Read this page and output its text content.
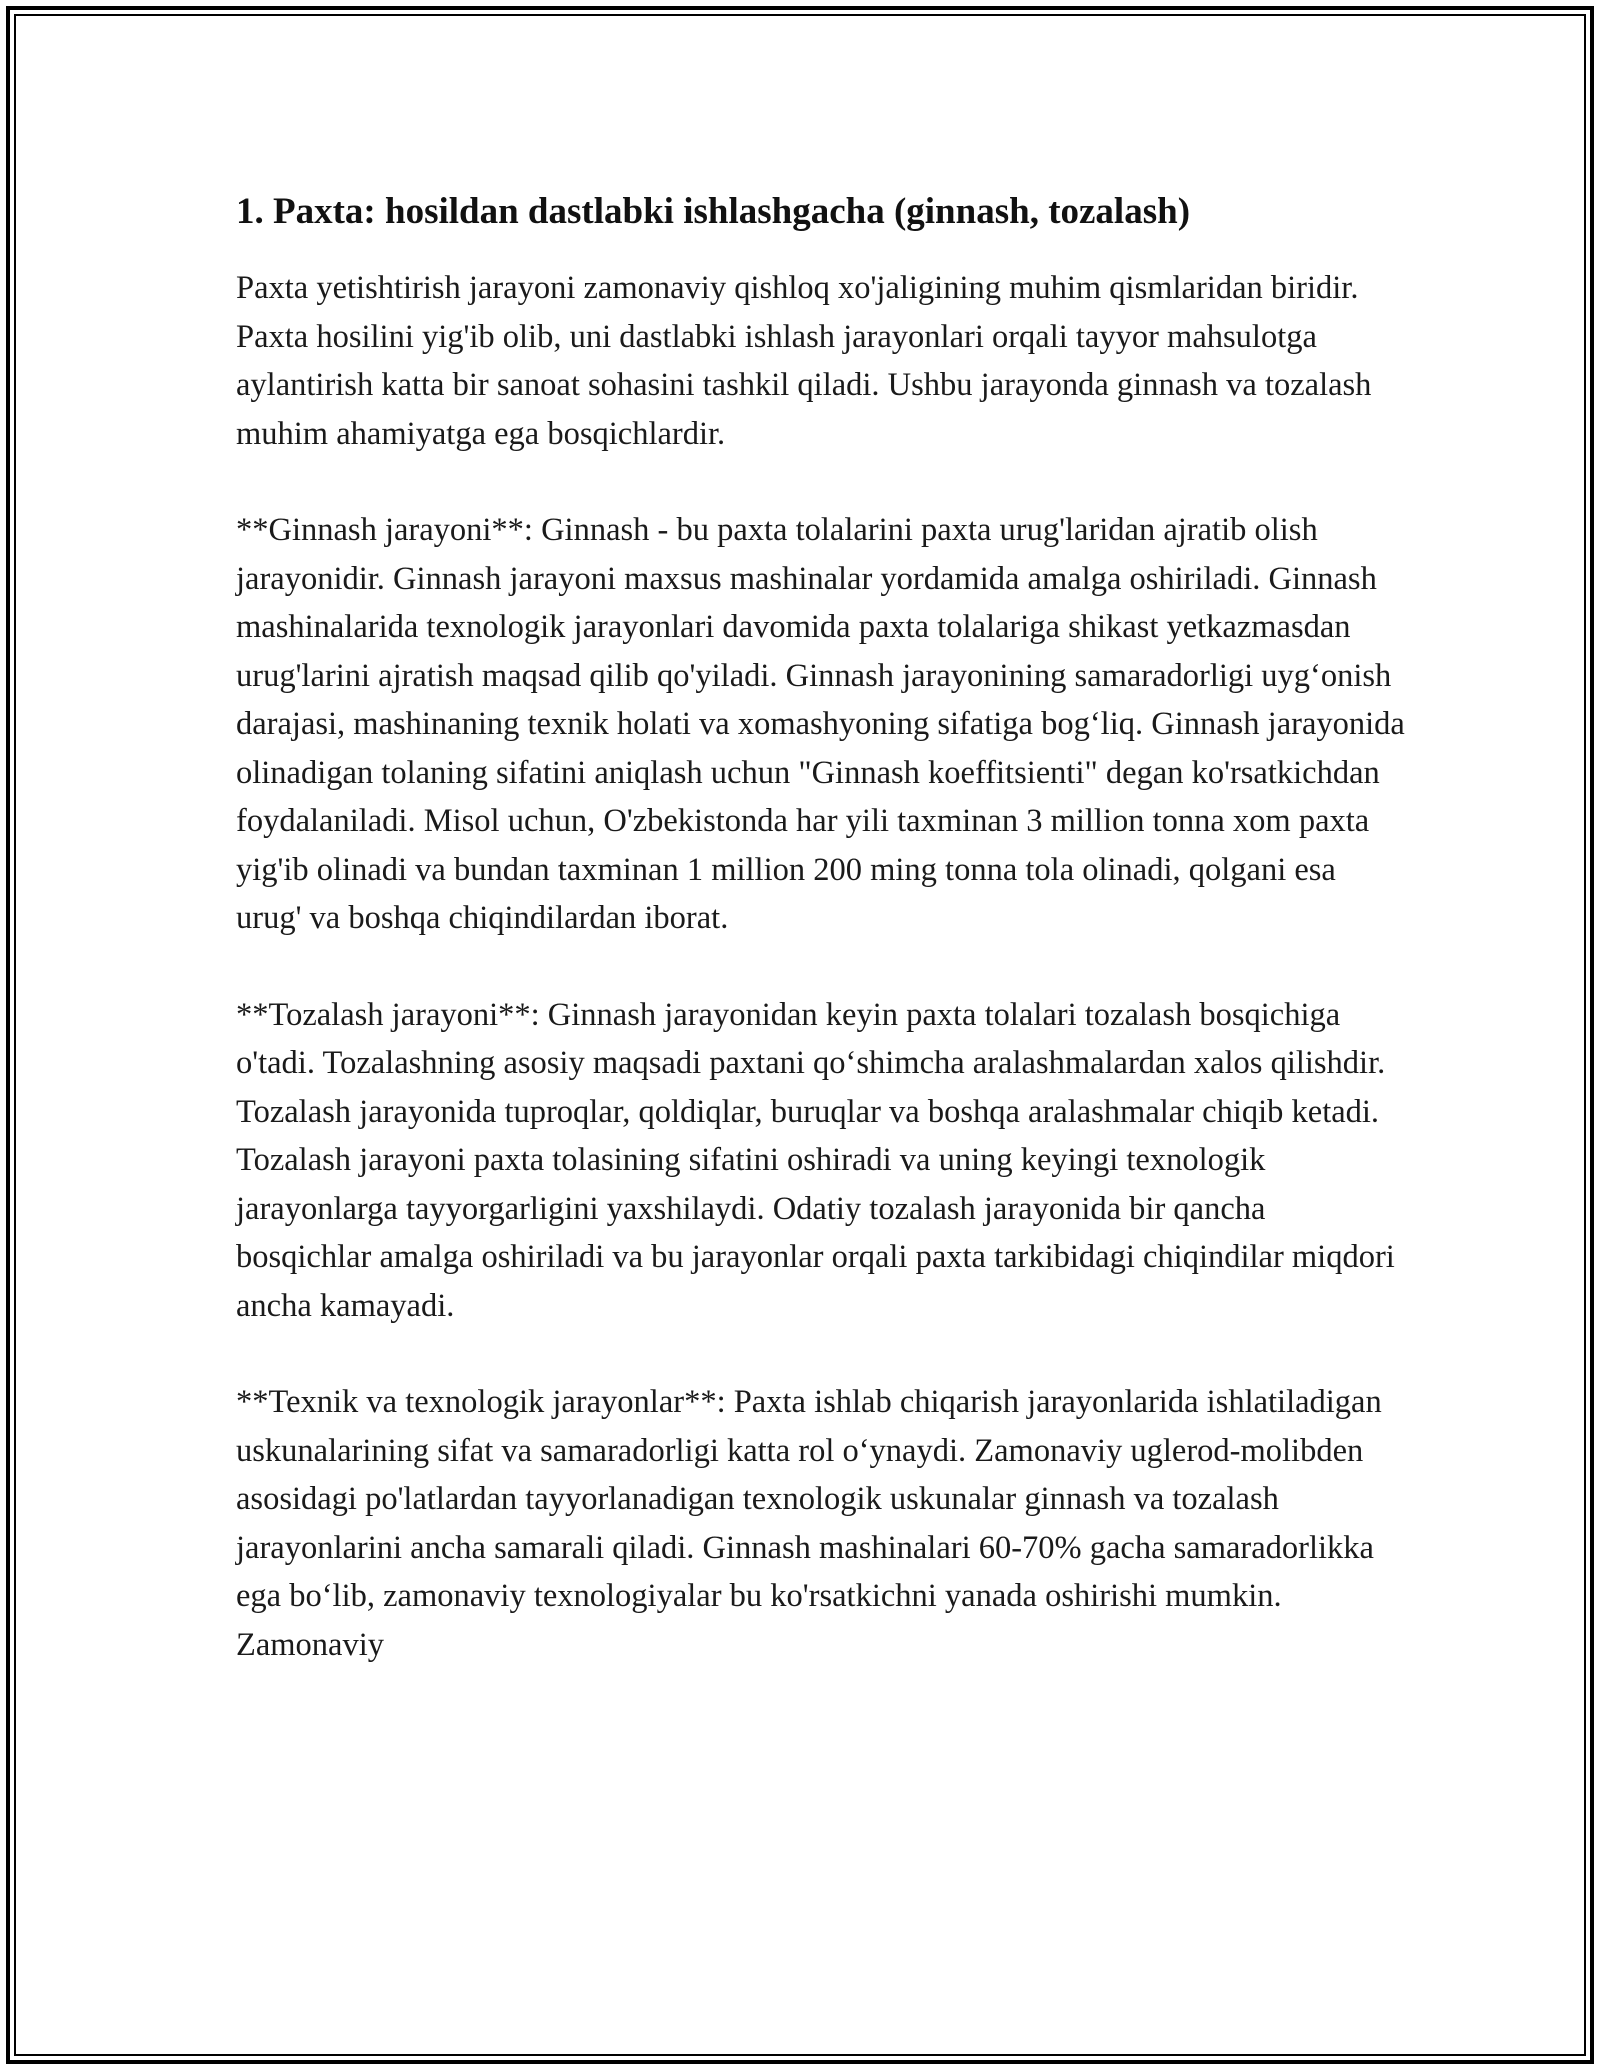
1. Paxta: hosildan dastlabki ishlashgacha (ginnash, tozalash)

Paxta yetishtirish jarayoni zamonaviy qishloq xo'jaligining muhim qismlaridan biridir. Paxta hosilini yig'ib olib, uni dastlabki ishlash jarayonlari orqali tayyor mahsulotga aylantirish katta bir sanoat sohasini tashkil qiladi. Ushbu jarayonda ginnash va tozalash muhim ahamiyatga ega bosqichlardir.

**Ginnash jarayoni**: Ginnash - bu paxta tolalarini paxta urug'laridan ajratib olish jarayonidir. Ginnash jarayoni maxsus mashinalar yordamida amalga oshiriladi. Ginnash mashinalarida texnologik jarayonlari davomida paxta tolalariga shikast yetkazmasdan urug'larini ajratish maqsad qilib qo'yiladi. Ginnash jarayonining samaradorligi uyg‘onish darajasi, mashinaning texnik holati va xomashyoning sifatiga bog‘liq. Ginnash jarayonida olinadigan tolaning sifatini aniqlash uchun "Ginnash koeffitsienti" degan ko'rsatkichdan foydalaniladi. Misol uchun, O'zbekistonda har yili taxminan 3 million tonna xom paxta yig'ib olinadi va bundan taxminan 1 million 200 ming tonna tola olinadi, qolgani esa urug' va boshqa chiqindilardan iborat.

**Tozalash jarayoni**: Ginnash jarayonidan keyin paxta tolalari tozalash bosqichiga o'tadi. Tozalashning asosiy maqsadi paxtani qo‘shimcha aralashmalardan xalos qilishdir. Tozalash jarayonida tuproqlar, qoldiqlar, buruqlar va boshqa aralashmalar chiqib ketadi. Tozalash jarayoni paxta tolasining sifatini oshiradi va uning keyingi texnologik jarayonlarga tayyorgarligini yaxshilaydi. Odatiy tozalash jarayonida bir qancha bosqichlar amalga oshiriladi va bu jarayonlar orqali paxta tarkibidagi chiqindilar miqdori ancha kamayadi.

**Texnik va texnologik jarayonlar**: Paxta ishlab chiqarish jarayonlarida ishlatiladigan uskunalarining sifat va samaradorligi katta rol o‘ynaydi. Zamonaviy uglerod-molibden asosidagi po'latlardan tayyorlanadigan texnologik uskunalar ginnash va tozalash jarayonlarini ancha samarali qiladi. Ginnash mashinalari 60-70% gacha samaradorlikka ega bo‘lib, zamonaviy texnologiyalar bu ko'rsatkichni yanada oshirishi mumkin. Zamonaviy
